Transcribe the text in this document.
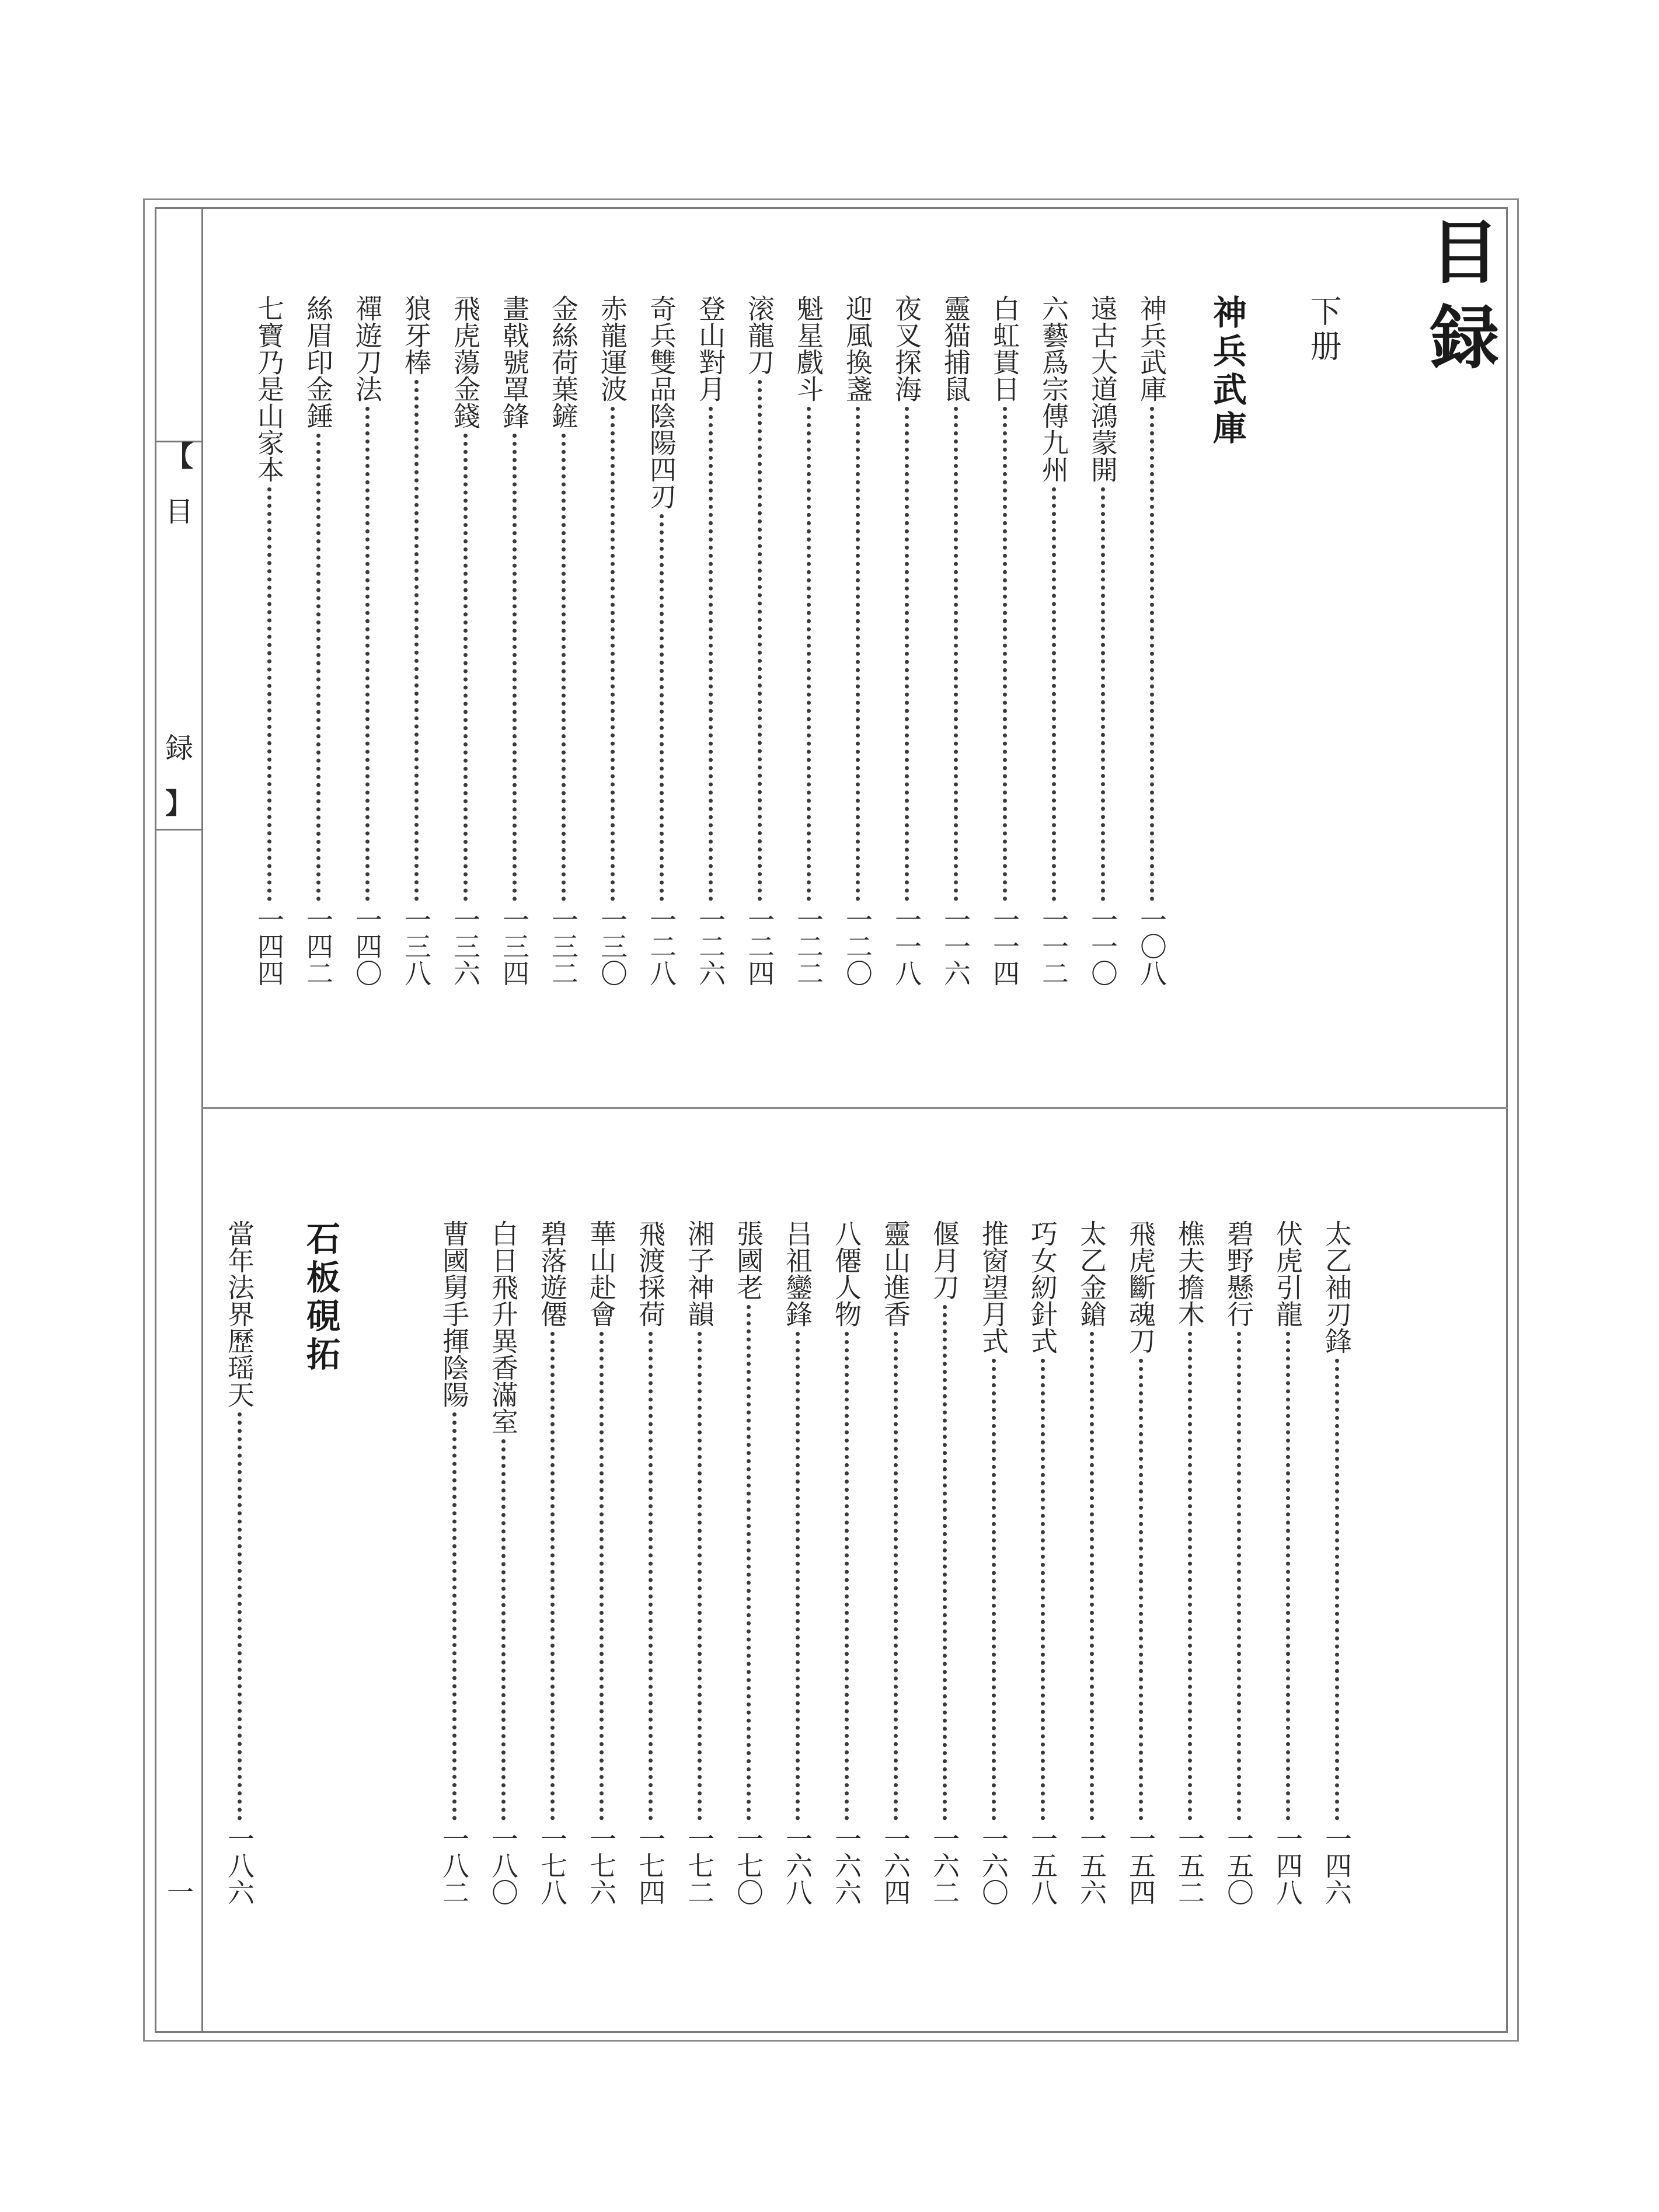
目録
下册
神兵武庫
石板硯拓
神兵武庫
一〇八
遠古大道鴻蒙開
一一〇
六藝爲宗傳九州
一一二
白虹貫日
一一四
靈猫捕鼠
一一六
夜叉探海
一一八
迎風換盞
一二〇
魁星戲斗
一二二
滚龍刀
一二四
登山對月
一二六
奇兵雙品陰陽四刃
一二八
赤龍運波
一三〇
金絲荷葉鏟
一三二
畫戟號罩鋒
一三四
飛虎蕩金錢
一三六
狼牙棒
一三八
禪遊刀法
一四〇
絲眉印金錘
一四二
七寶乃是山家本
一四四
太乙袖刃鋒
一四六
伏虎引龍
一四八
碧野懸行
一五〇
樵夫擔木
一五二
飛虎斷魂刀
一五四
太乙金鎗
一五六
巧女紉針式
一五八
推窗望月式
一六〇
偃月刀
一六二
靈山進香
一六四
八僊人物
一六六
吕祖鑾鋒
一六八
張國老
一七〇
湘子神韻
一七二
飛渡採荷
一七四
華山赴會
一七六
碧落遊僊
一七八
白日飛升異香滿室
一八〇
曹國舅手揮陰陽
一八二
當年法界歷瑶天
一八六
【
目
録
】
一
